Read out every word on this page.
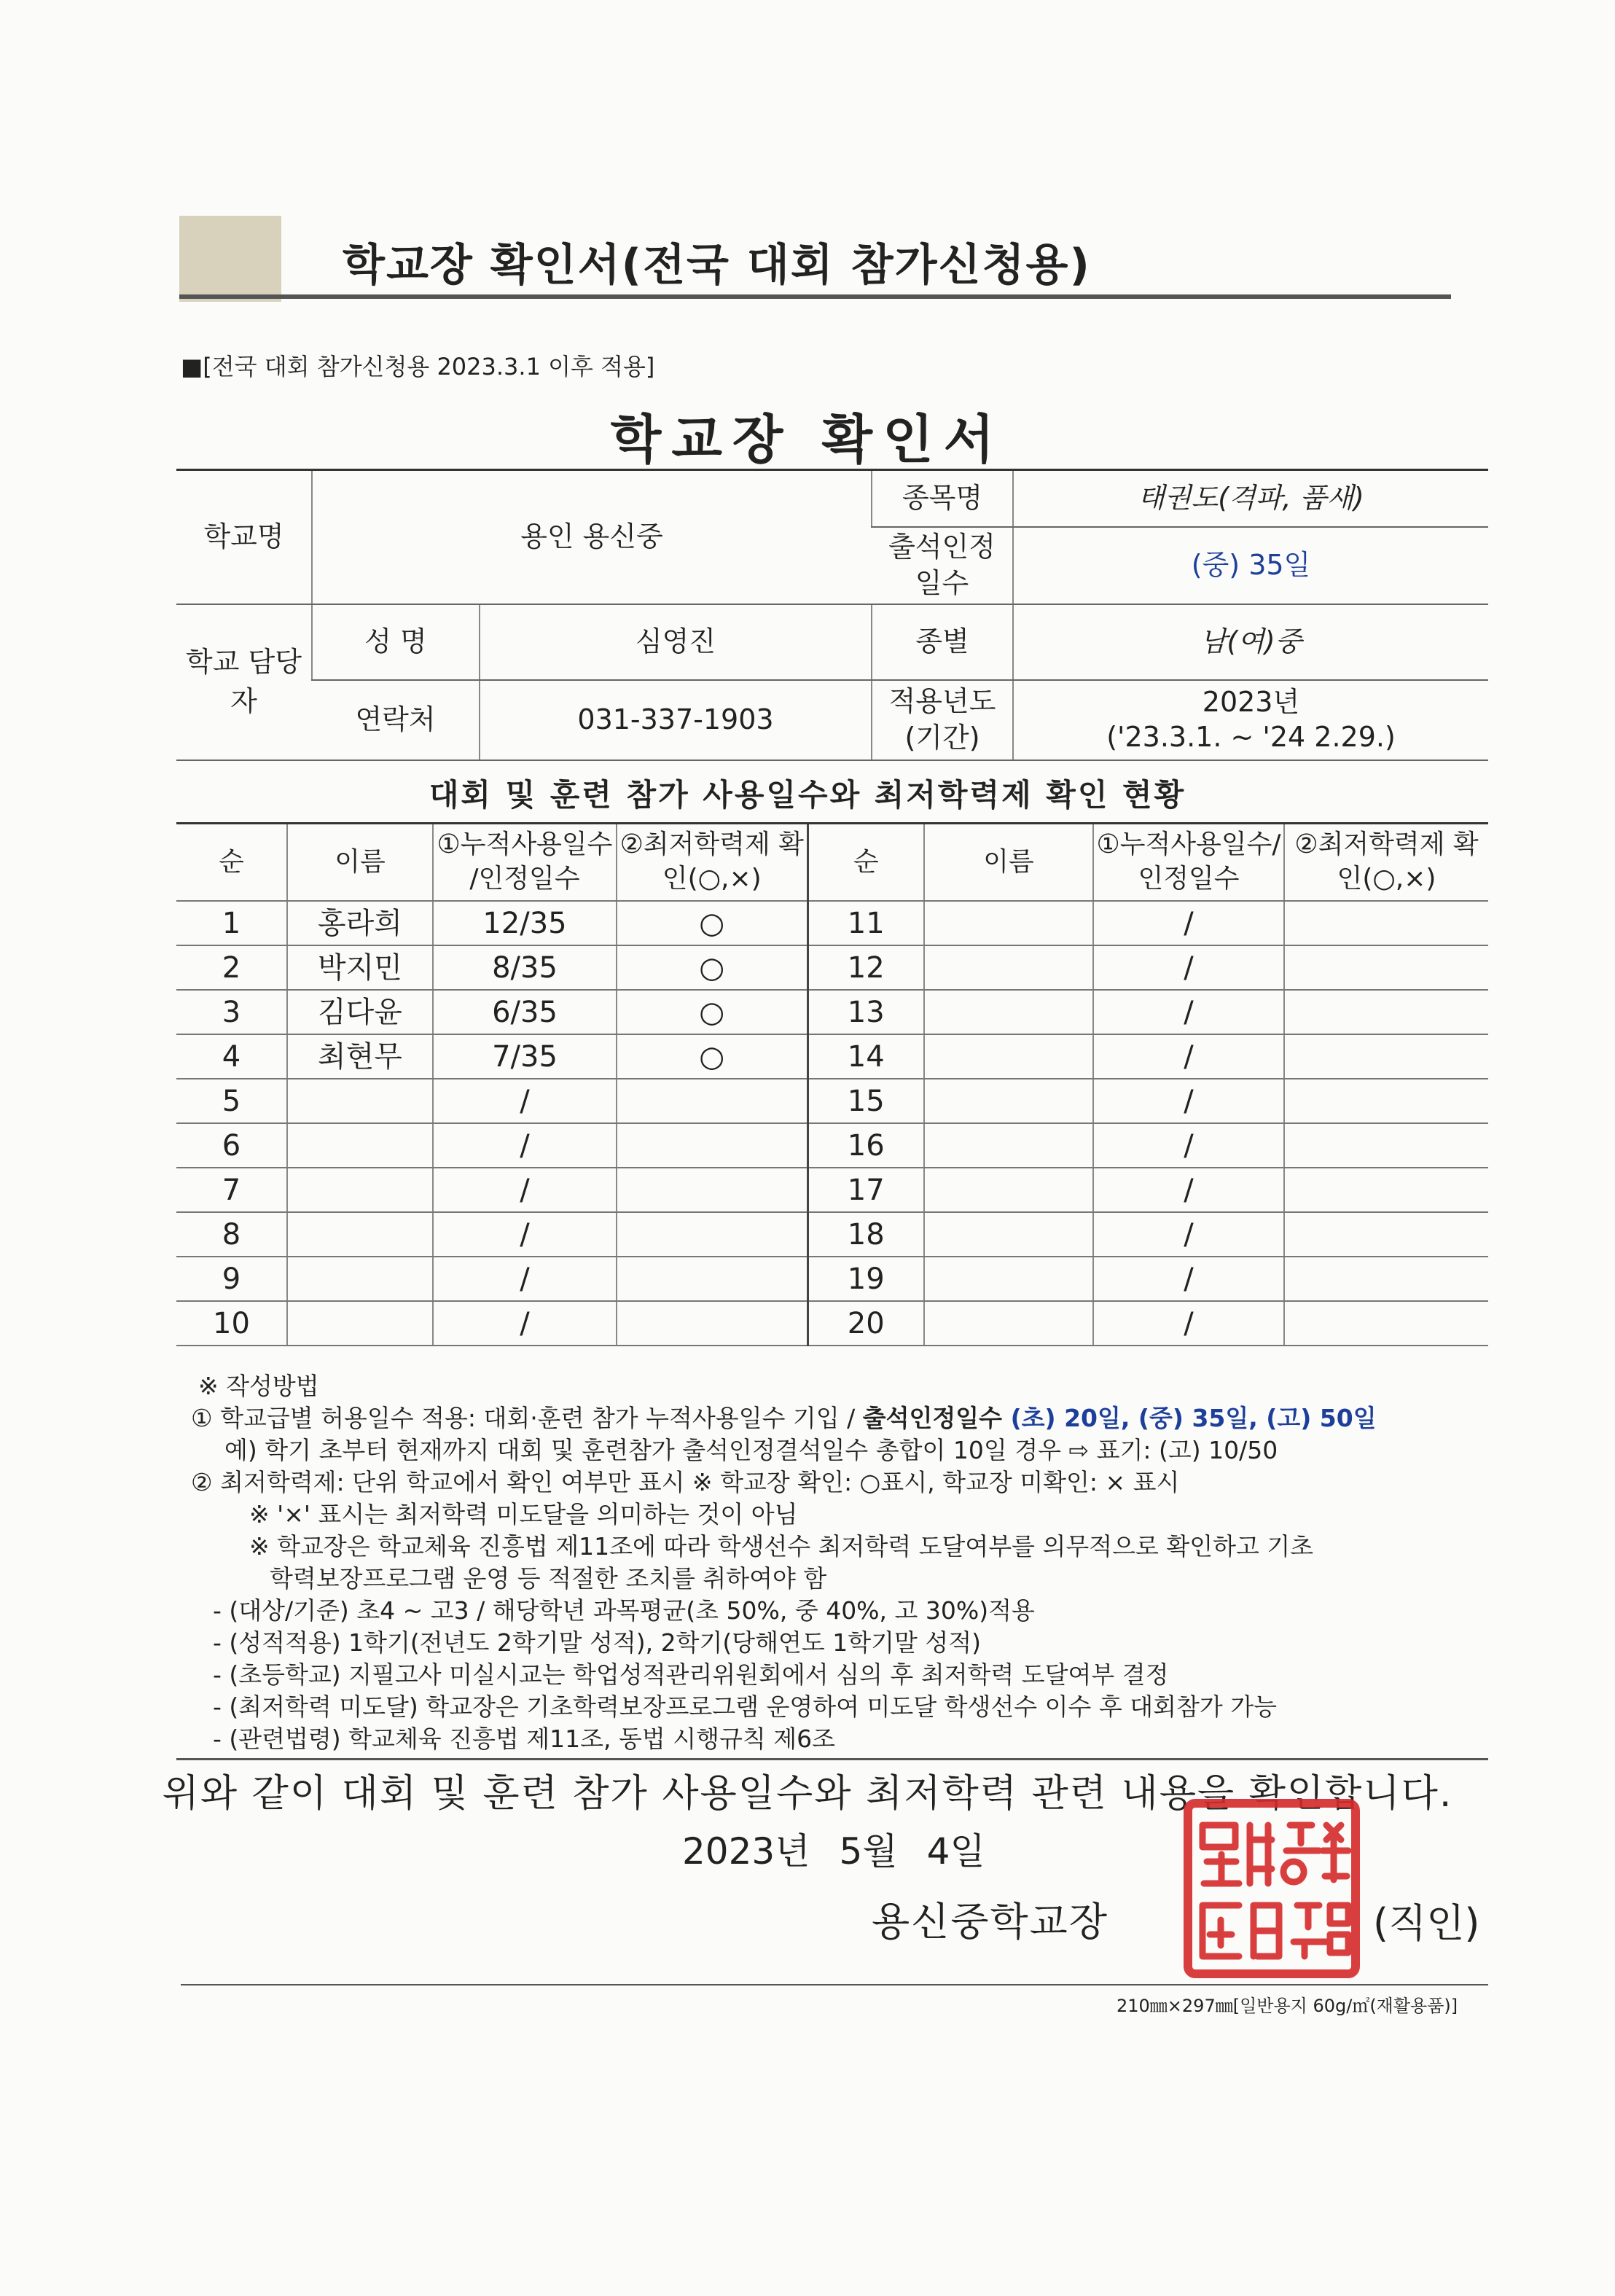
학교장 확인서(전국 대회 참가신청용)
■[전국 대회 참가신청용 2023.3.1 이후 적용]
학교장 확인서
학교명	용인 용신중		종목명	태권도(격파, 품새)
			출석인정 일수	(중) 35일
학교 담당자	성 명	심영진	종별	남(여)중
	연락처	031-337-1903	적용년도 (기간)	2023년
('23.3.1. ~ '24 2.29.)
대회 및 훈련 참가 사용일수와 최저학력제 확인 현황
순	이름	①누적사용일수 /인정일수	②최저학력제 확인(○,×)	순	이름	①누적사용일수/ 인정일수	②최저학력제 확인(○,×)
1	홍라희	12/35	○	11		/	
2	박지민	8/35	○	12		/	
3	김다윤	6/35	○	13		/	
4	최현무	7/35	○	14		/	
5		/		15		/	
6		/		16		/	
7		/		17		/	
8		/		18		/	
9		/		19		/	
10		/		20		/	
※ 작성방법
① 학교급별 허용일수 적용: 대회·훈련 참가 누적사용일수 기입 / 출석인정일수 (초) 20일, (중) 35일, (고) 50일
예) 학기 초부터 현재까지 대회 및 훈련참가 출석인정결석일수 총합이 10일 경우 ⇨ 표기: (고) 10/50
② 최저학력제: 단위 학교에서 확인 여부만 표시 ※ 학교장 확인: ○표시, 학교장 미확인: × 표시
※ '×' 표시는 최저학력 미도달을 의미하는 것이 아님
※ 학교장은 학교체육 진흥법 제11조에 따라 학생선수 최저학력 도달여부를 의무적으로 확인하고 기초
학력보장프로그램 운영 등 적절한 조치를 취하여야 함
- (대상/기준) 초4 ~ 고3 / 해당학년 과목평균(초 50%, 중 40%, 고 30%)적용
- (성적적용) 1학기(전년도 2학기말 성적), 2학기(당해연도 1학기말 성적)
- (초등학교) 지필고사 미실시교는 학업성적관리위원회에서 심의 후 최저학력 도달여부 결정
- (최저학력 미도달) 학교장은 기초학력보장프로그램 운영하여 미도달 학생선수 이수 후 대회참가 가능
- (관련법령) 학교체육 진흥법 제11조, 동법 시행규칙 제6조
위와 같이 대회 및 훈련 참가 사용일수와 최저학력 관련 내용을 확인합니다.
2023년 5월 4일
용신중학교장	(직인)
210㎜×297㎜[일반용지 60g/㎡(재활용품)]
